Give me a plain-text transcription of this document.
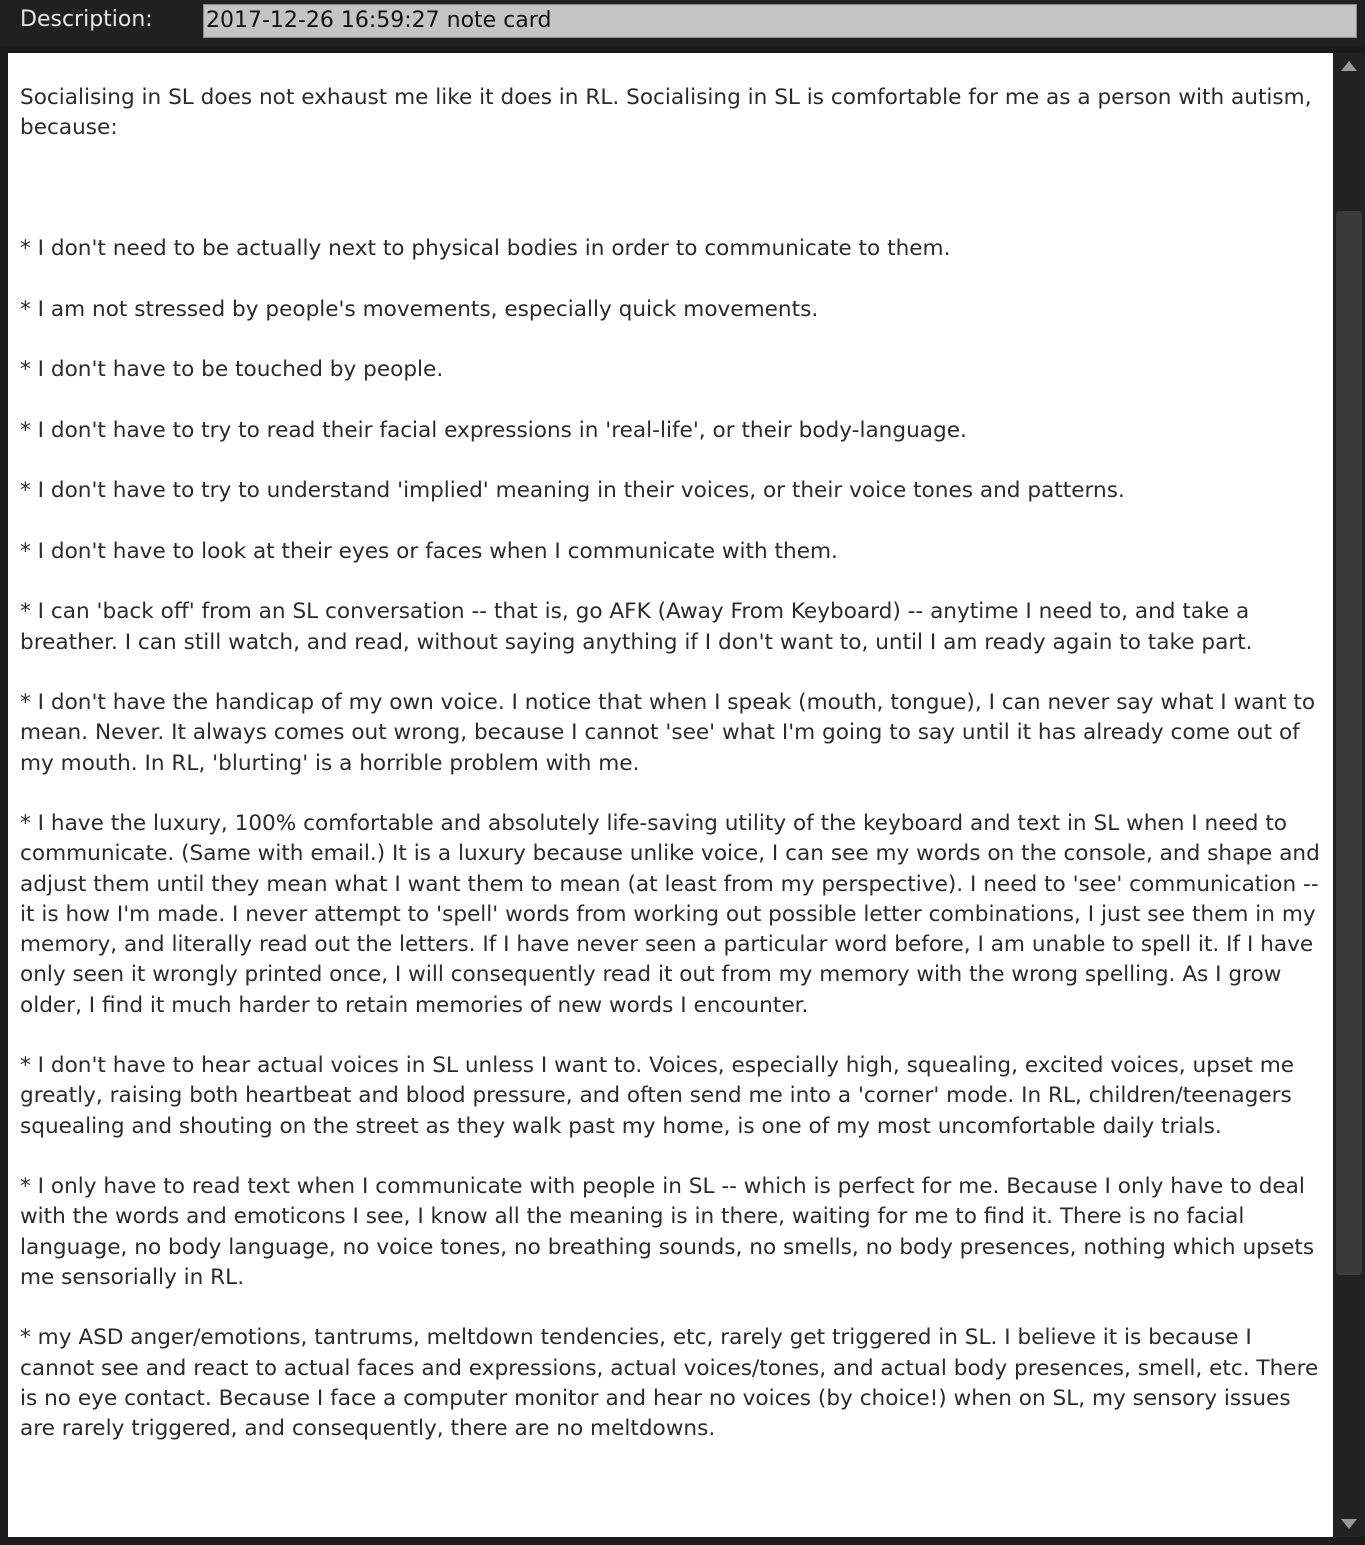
Description: 2017-12-26 16:59:27 note card
Socialising in SL does not exhaust me like it does in RL. Socialising in SL is comfortable for me as a person with autism, because:

* I don't need to be actually next to physical bodies in order to communicate to them.

* I am not stressed by people's movements, especially quick movements.

* I don't have to be touched by people.

* I don't have to try to read their facial expressions in 'real-life', or their body-language.

* I don't have to try to understand 'implied' meaning in their voices, or their voice tones and patterns.

* I don't have to look at their eyes or faces when I communicate with them.

* I can 'back off' from an SL conversation -- that is, go AFK (Away From Keyboard) -- anytime I need to, and take a breather. I can still watch, and read, without saying anything if I don't want to, until I am ready again to take part.

* I don't have the handicap of my own voice. I notice that when I speak (mouth, tongue), I can never say what I want to mean. Never. It always comes out wrong, because I cannot 'see' what I'm going to say until it has already come out of my mouth. In RL, 'blurting' is a horrible problem with me.

* I have the luxury, 100% comfortable and absolutely life-saving utility of the keyboard and text in SL when I need to communicate. (Same with email.) It is a luxury because unlike voice, I can see my words on the console, and shape and adjust them until they mean what I want them to mean (at least from my perspective). I need to 'see' communication -- it is how I'm made. I never attempt to 'spell' words from working out possible letter combinations, I just see them in my memory, and literally read out the letters. If I have never seen a particular word before, I am unable to spell it. If I have only seen it wrongly printed once, I will consequently read it out from my memory with the wrong spelling. As I grow older, I find it much harder to retain memories of new words I encounter.

* I don't have to hear actual voices in SL unless I want to. Voices, especially high, squealing, excited voices, upset me greatly, raising both heartbeat and blood pressure, and often send me into a 'corner' mode. In RL, children/teenagers squealing and shouting on the street as they walk past my home, is one of my most uncomfortable daily trials.

* I only have to read text when I communicate with people in SL -- which is perfect for me. Because I only have to deal with the words and emoticons I see, I know all the meaning is in there, waiting for me to find it. There is no facial language, no body language, no voice tones, no breathing sounds, no smells, no body presences, nothing which upsets me sensorially in RL.

* my ASD anger/emotions, tantrums, meltdown tendencies, etc, rarely get triggered in SL. I believe it is because I cannot see and react to actual faces and expressions, actual voices/tones, and actual body presences, smell, etc. There is no eye contact. Because I face a computer monitor and hear no voices (by choice!) when on SL, my sensory issues are rarely triggered, and consequently, there are no meltdowns.
